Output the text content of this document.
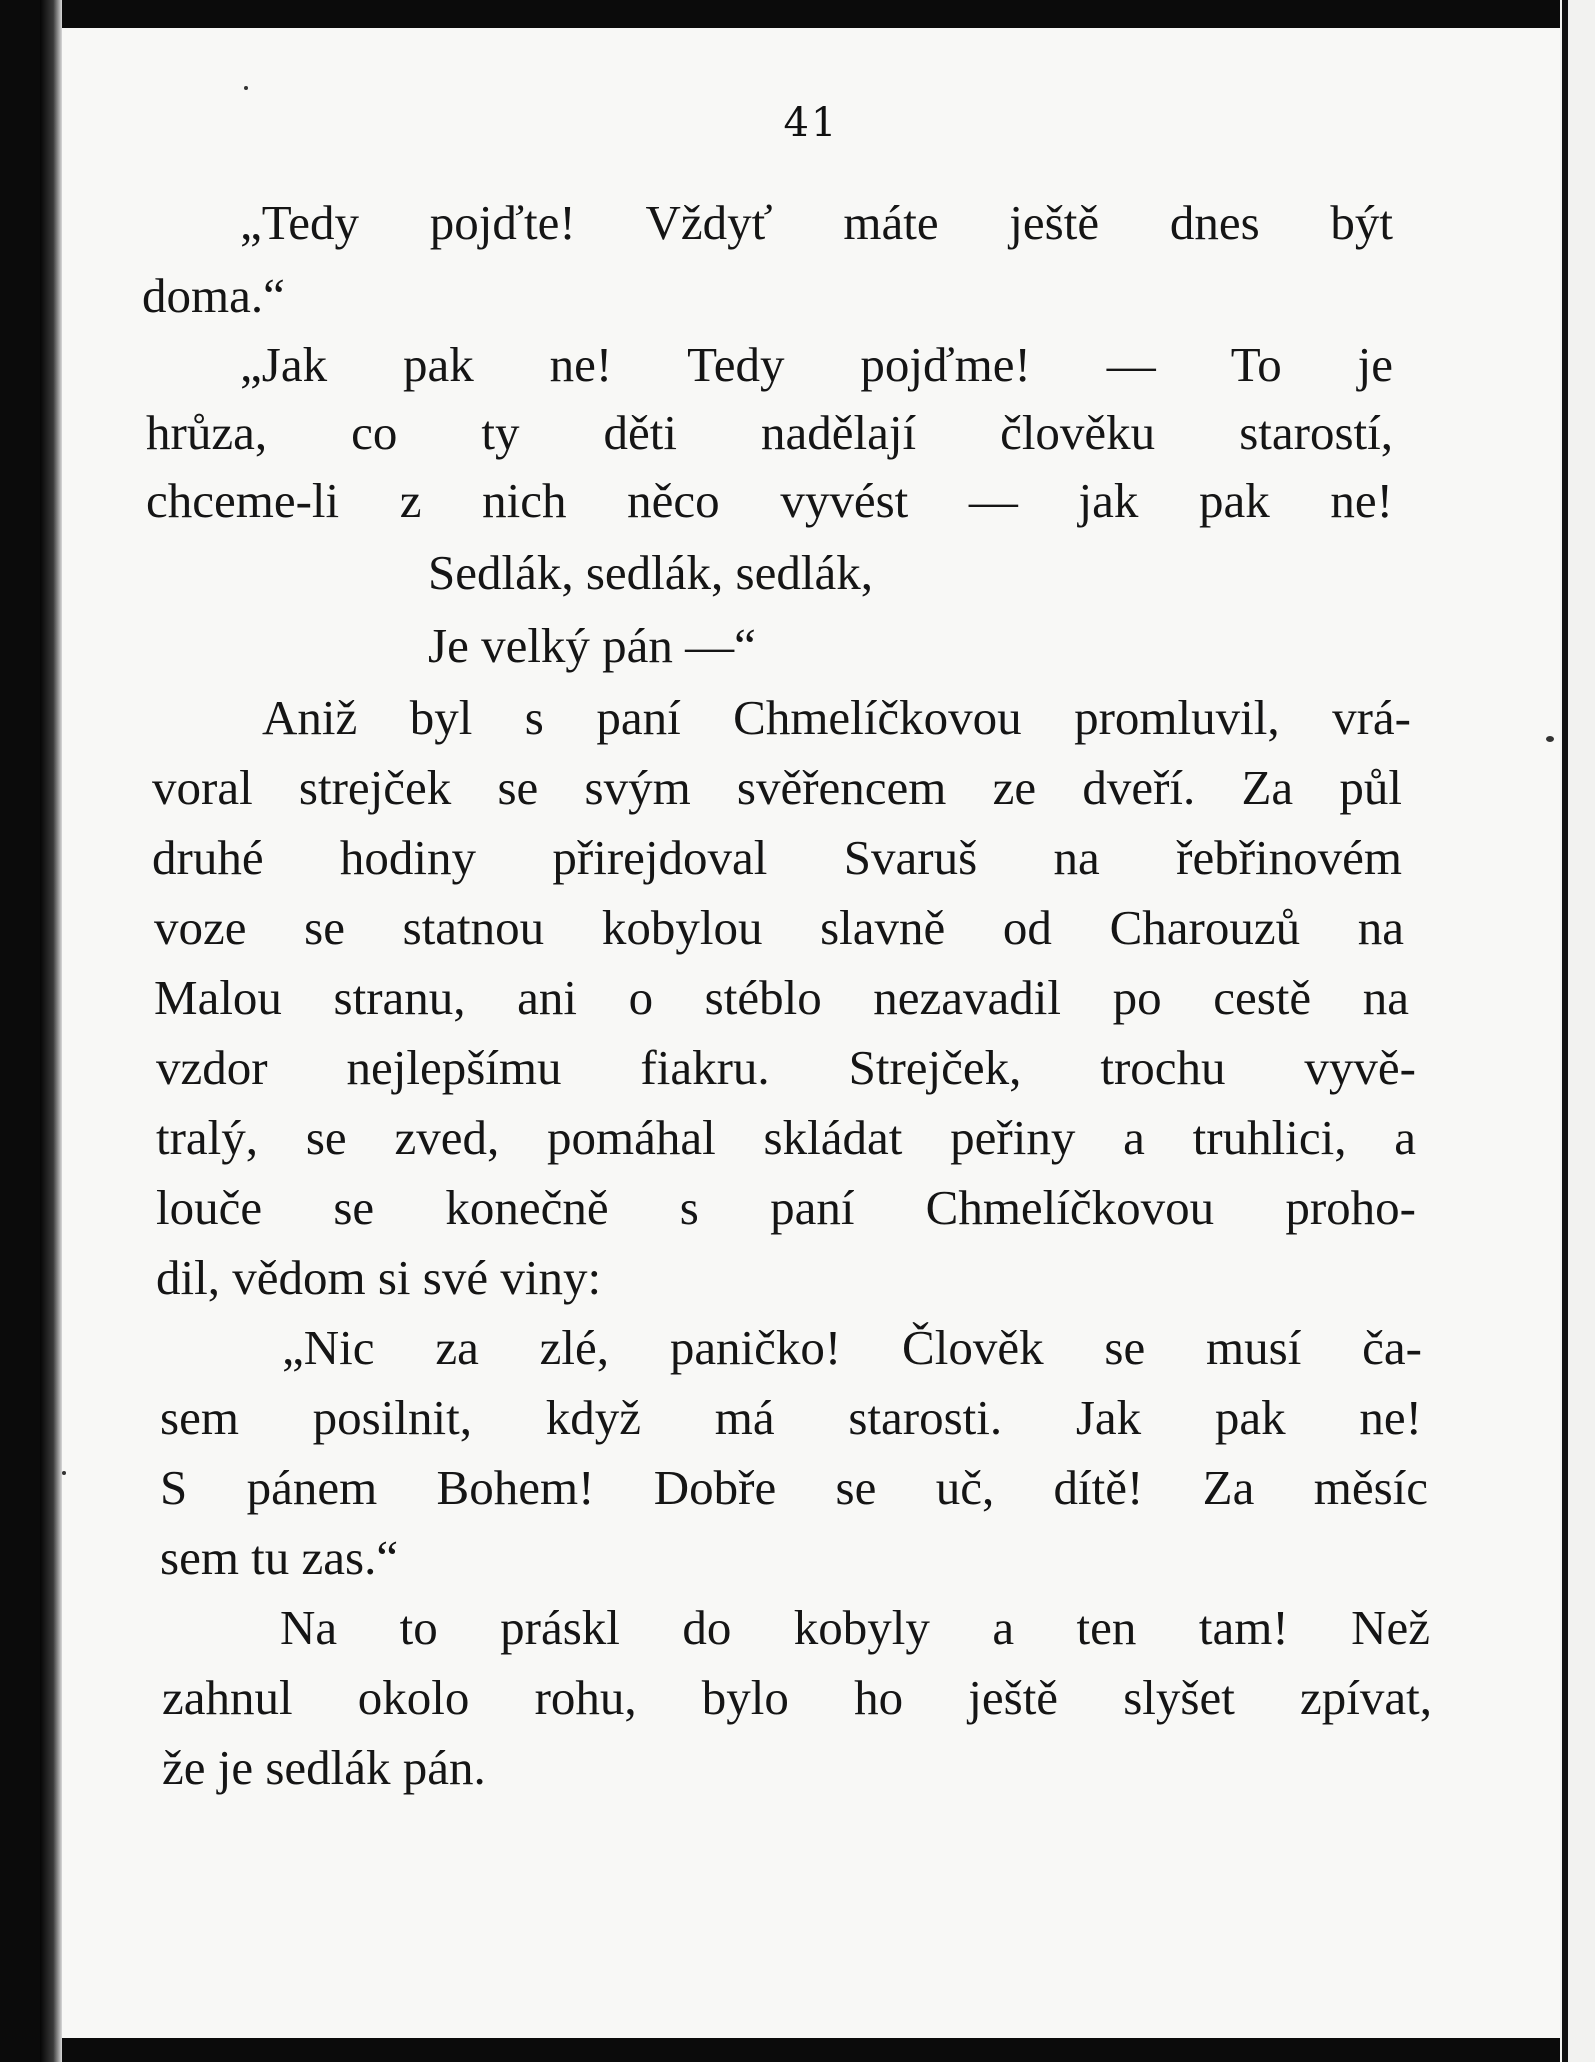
41
„Tedy pojďte! Vždyť máte ještě dnes být
doma.“
„Jak pak ne! Tedy pojďme! — To je
hrůza, co ty děti nadělají člověku starostí,
chceme-li z nich něco vyvést — jak pak ne!
Sedlák, sedlák, sedlák,
Je velký pán —“
Aniž byl s paní Chmelíčkovou promluvil, vrá-
voral strejček se svým svěřencem ze dveří. Za půl
druhé hodiny přirejdoval Svaruš na řebřinovém
voze se statnou kobylou slavně od Charouzů na
Malou stranu, ani o stéblo nezavadil po cestě na
vzdor nejlepšímu fiakru. Strejček, trochu vyvě-
tralý, se zved, pomáhal skládat peřiny a truhlici, a
louče se konečně s paní Chmelíčkovou proho-
dil, vědom si své viny:
„Nic za zlé, paničko! Člověk se musí ča-
sem posilnit, když má starosti. Jak pak ne!
S pánem Bohem! Dobře se uč, dítě! Za měsíc
sem tu zas.“
Na to práskl do kobyly a ten tam! Než
zahnul okolo rohu, bylo ho ještě slyšet zpívat,
že je sedlák pán.
